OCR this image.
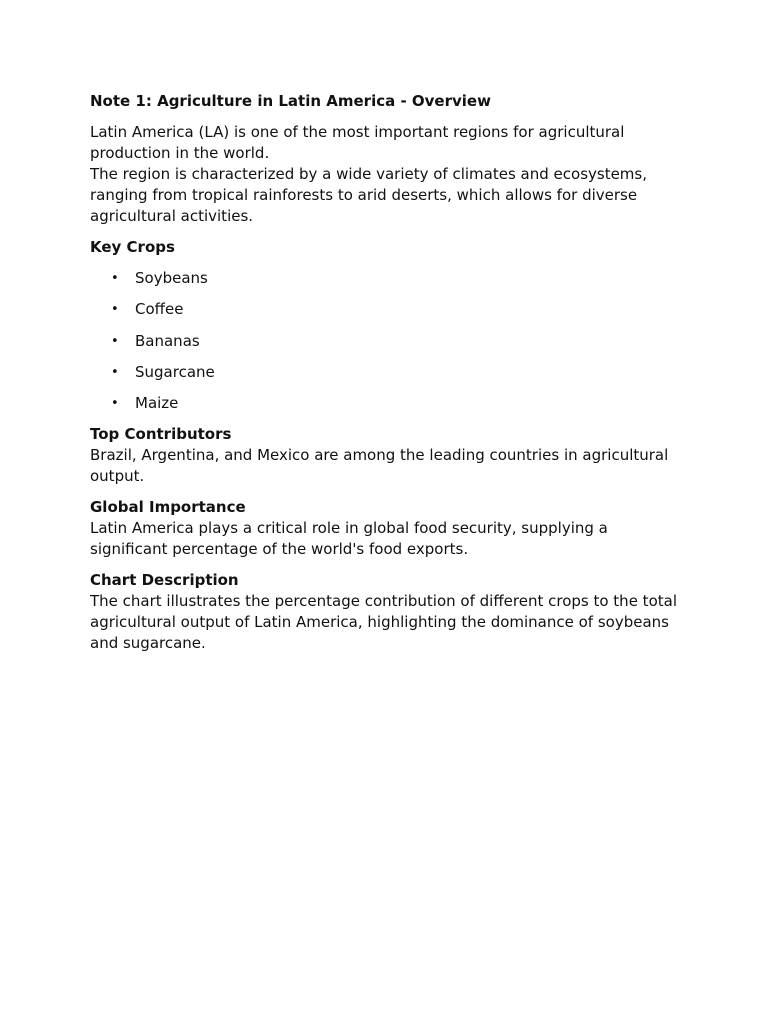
Note 1: Agriculture in Latin America - Overview

Latin America (LA) is one of the most important regions for agricultural production in the world.

The region is characterized by a wide variety of climates and ecosystems, ranging from tropical rainforests to arid deserts, which allows for diverse agricultural activities.

Key Crops
• Soybeans
• Coffee
• Bananas
• Sugarcane
• Maize
Top Contributors

Brazil, Argentina, and Mexico are among the leading countries in agricultural output.

Global Importance

Latin America plays a critical role in global food security, supplying a significant percentage of the world's food exports.

Chart Description

The chart illustrates the percentage contribution of different crops to the total agricultural output of Latin America, highlighting the dominance of soybeans and sugarcane.
